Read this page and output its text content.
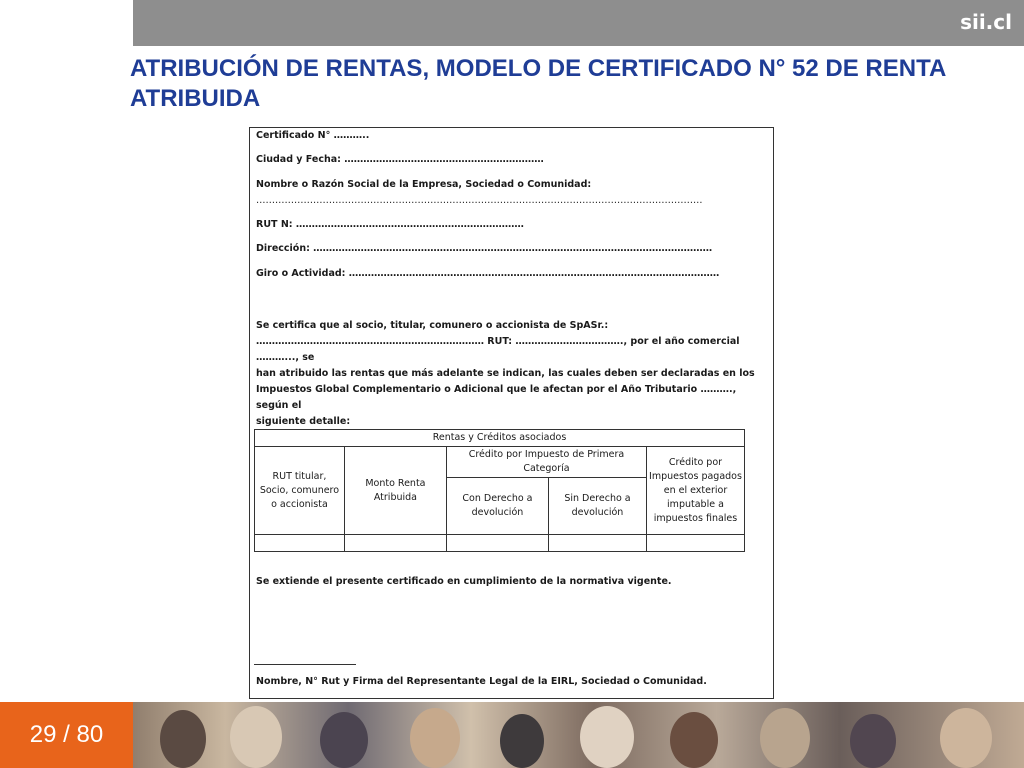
sii.cl
ATRIBUCIÓN DE RENTAS, MODELO DE CERTIFICADO N° 52 DE RENTA ATRIBUIDA
Certificado N° ………..
Ciudad y Fecha: ………………………………………………………
Nombre o Razón Social de la Empresa, Sociedad o Comunidad:
……………………………………………………………………………………………………………………………
RUT N: ………………………………………………………………
Dirección: ………………………………………………………………………………………………………………
Giro o Actividad: ………………………………………………………………………………………………………
Se certifica que al socio, titular, comunero o accionista de SpASr.:
……………………………………………………………… RUT: ……………………………., por el año comercial ………..., se
han atribuido las rentas que más adelante se indican, las cuales deben ser declaradas en los
Impuestos Global Complementario o Adicional que le afectan por el Año Tributario ………., según el
siguiente detalle:
Rentas y Créditos asociados				
RUT titular, Socio, comunero o accionista	Monto Renta Atribuida	Crédito por Impuesto de Primera Categoría		Crédito por Impuestos pagados en el exterior imputable a impuestos finales
		Con Derecho a devolución	Sin Derecho a devolución	

Se extiende el presente certificado en cumplimiento de la normativa vigente.
Nombre, N° Rut y Firma del Representante Legal de la EIRL, Sociedad o Comunidad.
29 / 80
